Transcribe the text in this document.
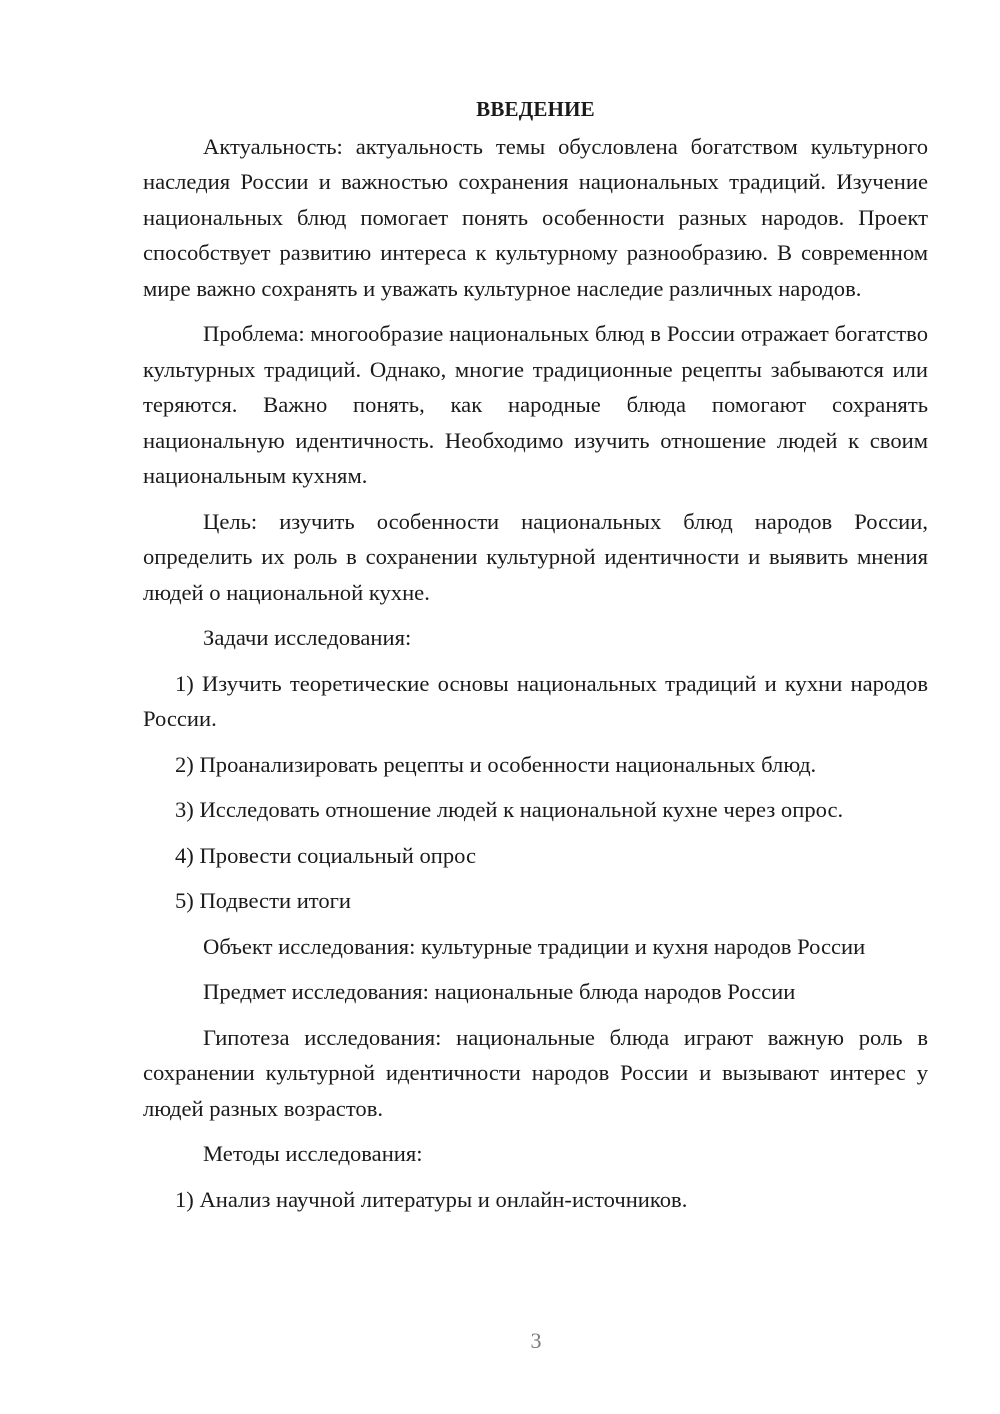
ВВЕДЕНИЕ

Актуальность: актуальность темы обусловлена богатством культурного наследия России и важностью сохранения национальных традиций. Изучение национальных блюд помогает понять особенности разных народов. Проект способствует развитию интереса к культурному разнообразию. В современном мире важно сохранять и уважать культурное наследие различных народов.

Проблема: многообразие национальных блюд в России отражает богатство культурных традиций. Однако, многие традиционные рецепты забываются или теряются. Важно понять, как народные блюда помогают сохранять национальную идентичность. Необходимо изучить отношение людей к своим национальным кухням.

Цель: изучить особенности национальных блюд народов России, определить их роль в сохранении культурной идентичности и выявить мнения людей о национальной кухне.

Задачи исследования:

1) Изучить теоретические основы национальных традиций и кухни народов России.

2) Проанализировать рецепты и особенности национальных блюд.

3) Исследовать отношение людей к национальной кухне через опрос.

4) Провести социальный опрос

5) Подвести итоги

Объект исследования: культурные традиции и кухня народов России

Предмет исследования: национальные блюда народов России

Гипотеза исследования: национальные блюда играют важную роль в сохранении культурной идентичности народов России и вызывают интерес у людей разных возрастов.

Методы исследования:

1) Анализ научной литературы и онлайн-источников.

3
